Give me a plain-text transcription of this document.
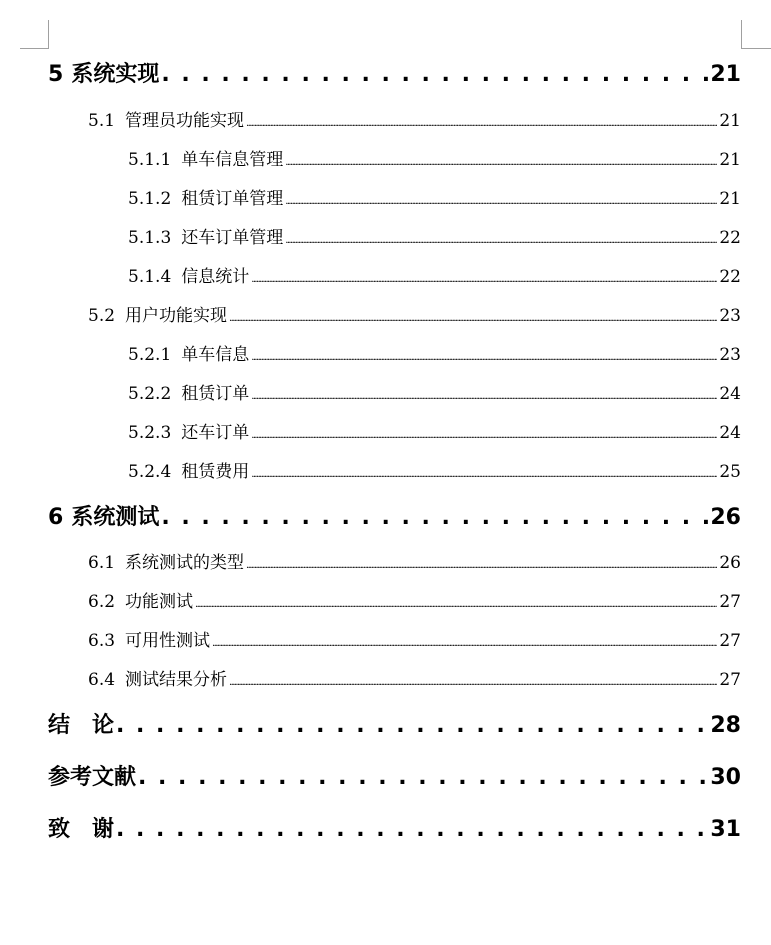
5 系统实现 . . .	21
5.1 管理员功能实现 .....	21
5.1.1 单车信息管理 .....	21
5.1.2 租赁订单管理 .....	21
5.1.3 还车订单管理 .....	22
5.1.4 信息统计 .....	22
5.2 用户功能实现 .....	23
5.2.1 单车信息 .....	23
5.2.2 租赁订单 .....	24
5.2.3 还车订单 .....	24
5.2.4 租赁费用 .....	25
6 系统测试 . . .	26
6.1 系统测试的类型 .....	26
6.2 功能测试 .....	27
6.3 可用性测试 .....	27
6.4 测试结果分析 .....	27
结　论 . . .	28
参考文献 . . .	30
致　谢 . . .	31
